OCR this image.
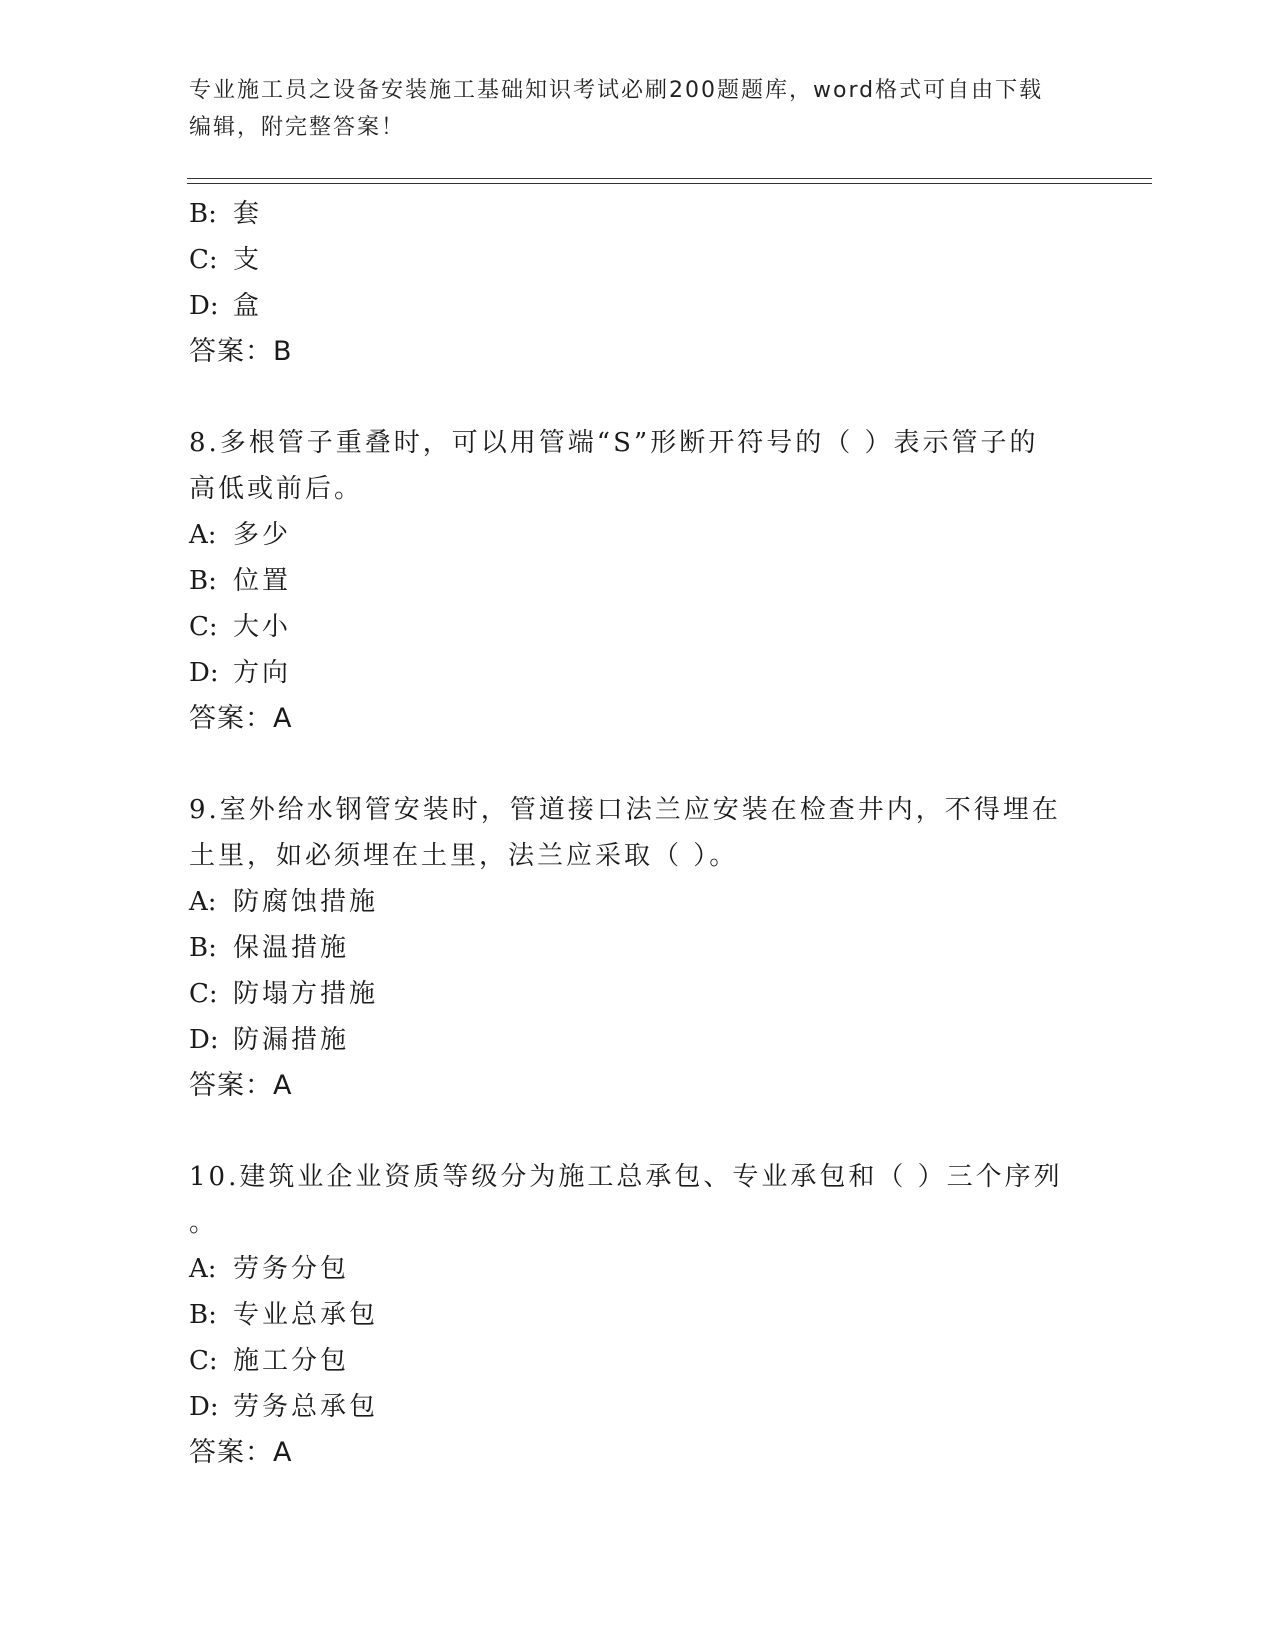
专业施工员之设备安装施工基础知识考试必刷200题题库，word格式可自由下载
编辑，附完整答案！
B: 套
C: 支
D: 盒
答案：B
8.多根管子重叠时，可以用管端“S”形断开符号的（ ）表示管子的
高低或前后。
A: 多少
B: 位置
C: 大小
D: 方向
答案：A
9.室外给水钢管安装时，管道接口法兰应安装在检查井内，不得埋在
土里，如必须埋在土里，法兰应采取（ ）。
A: 防腐蚀措施
B: 保温措施
C: 防塌方措施
D: 防漏措施
答案：A
10.建筑业企业资质等级分为施工总承包、专业承包和（ ）三个序列
。
A: 劳务分包
B: 专业总承包
C: 施工分包
D: 劳务总承包
答案：A
